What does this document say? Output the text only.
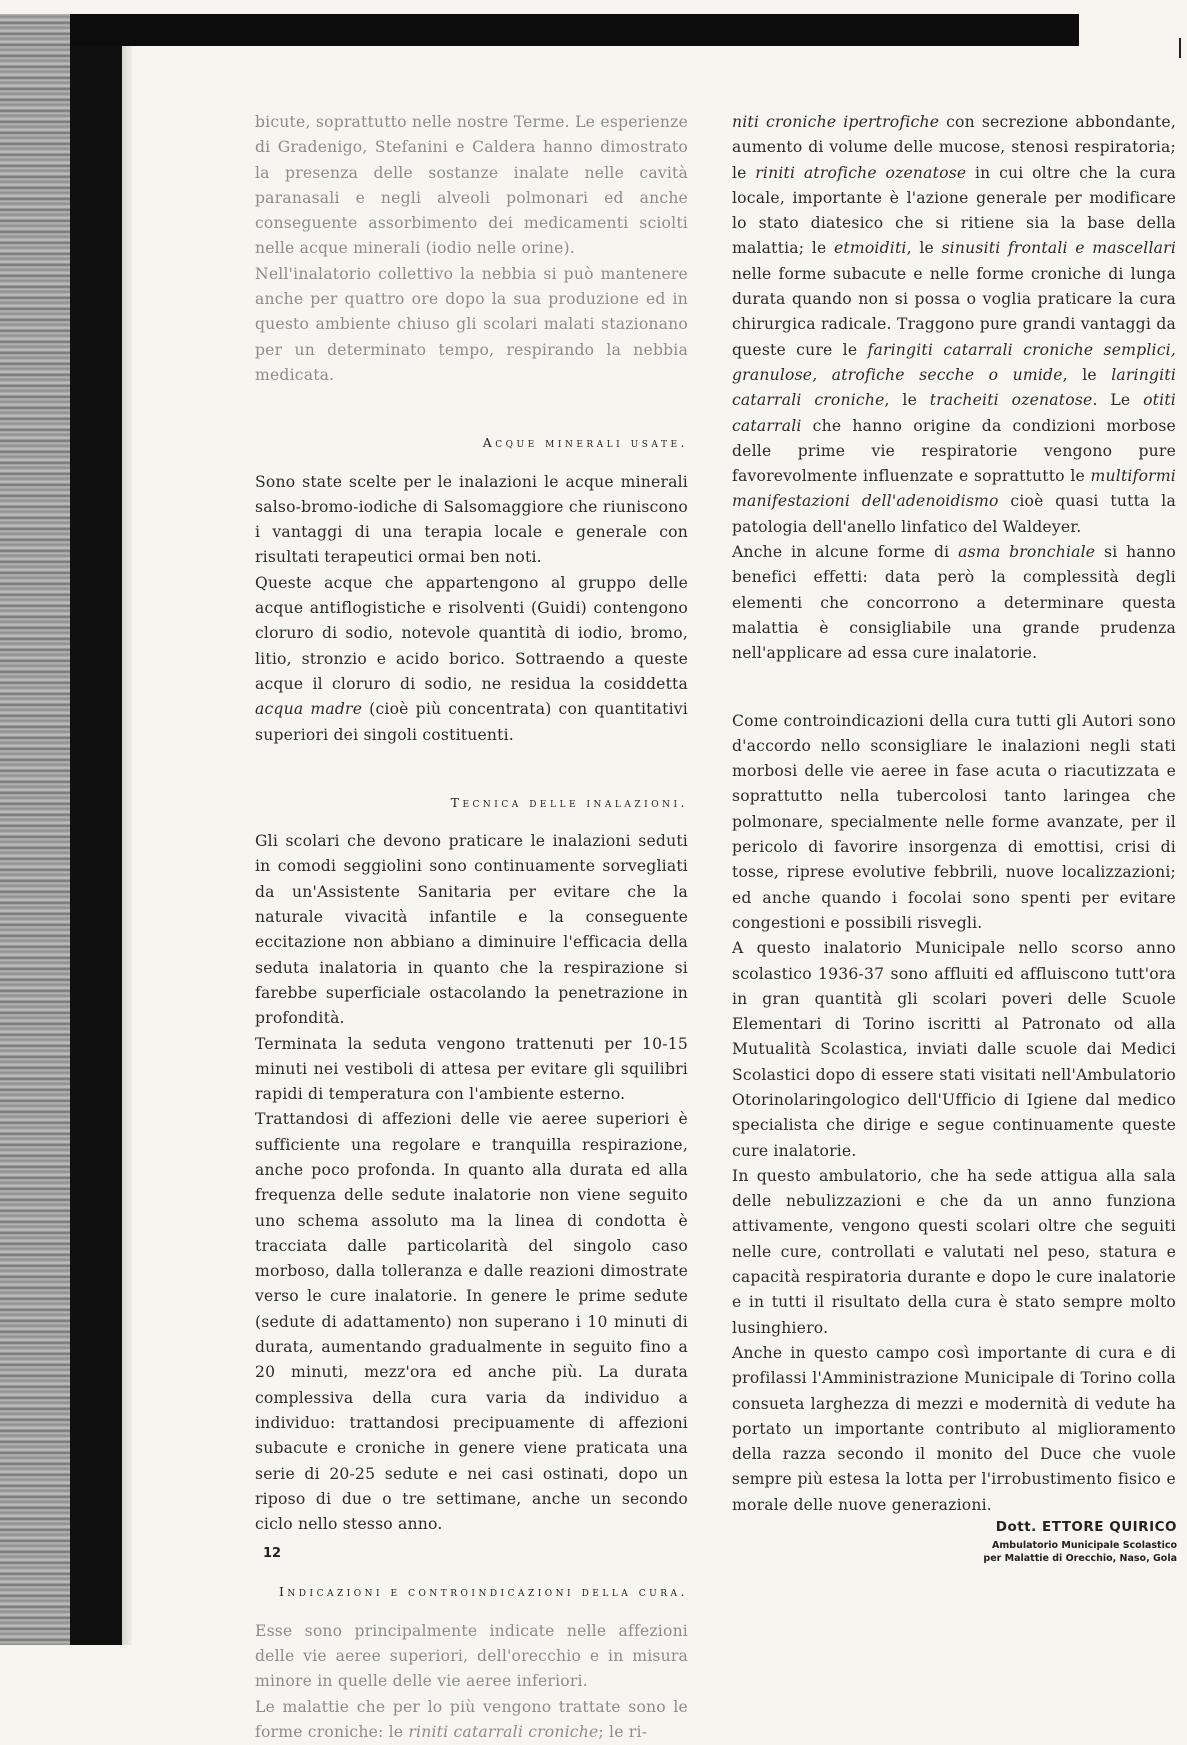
bicute, soprattutto nelle nostre Terme. Le esperienze di Gradenigo, Stefanini e Caldera hanno dimostrato la presenza delle sostanze inalate nelle cavità paranasali e negli alveoli polmonari ed anche conseguente assorbimento dei medicamenti sciolti nelle acque minerali (iodio nelle orine).

Nell'inalatorio collettivo la nebbia si può mantenere anche per quattro ore dopo la sua produzione ed in questo ambiente chiuso gli scolari malati stazionano per un determinato tempo, respirando la nebbia medicata.

Acque minerali usate.

Sono state scelte per le inalazioni le acque minerali salso-bromo-iodiche di Salsomaggiore che riuniscono i vantaggi di una terapia locale e generale con risultati terapeutici ormai ben noti.

Queste acque che appartengono al gruppo delle acque antiflogistiche e risolventi (Guidi) contengono cloruro di sodio, notevole quantità di iodio, bromo, litio, stronzio e acido borico. Sottraendo a queste acque il cloruro di sodio, ne residua la cosiddetta acqua madre (cioè più concentrata) con quantitativi superiori dei singoli costituenti.

Tecnica delle inalazioni.

Gli scolari che devono praticare le inalazioni seduti in comodi seggiolini sono continuamente sorvegliati da un'Assistente Sanitaria per evitare che la naturale vivacità infantile e la conseguente eccitazione non abbiano a diminuire l'efficacia della seduta inalatoria in quanto che la respirazione si farebbe superficiale ostacolando la penetrazione in profondità.

Terminata la seduta vengono trattenuti per 10-15 minuti nei vestiboli di attesa per evitare gli squilibri rapidi di temperatura con l'ambiente esterno.

Trattandosi di affezioni delle vie aeree superiori è sufficiente una regolare e tranquilla respirazione, anche poco profonda. In quanto alla durata ed alla frequenza delle sedute inalatorie non viene seguito uno schema assoluto ma la linea di condotta è tracciata dalle particolarità del singolo caso morboso, dalla tolleranza e dalle reazioni dimostrate verso le cure inalatorie. In genere le prime sedute (sedute di adattamento) non superano i 10 minuti di durata, aumentando gradualmente in seguito fino a 20 minuti, mezz'ora ed anche più. La durata complessiva della cura varia da individuo a individuo: trattandosi precipuamente di affezioni subacute e croniche in genere viene praticata una serie di 20-25 sedute e nei casi ostinati, dopo un riposo di due o tre settimane, anche un secondo ciclo nello stesso anno.

Indicazioni e controindicazioni della cura.

Esse sono principalmente indicate nelle affezioni delle vie aeree superiori, dell'orecchio e in misura minore in quelle delle vie aeree inferiori.

Le malattie che per lo più vengono trattate sono le forme croniche: le riniti catarrali croniche; le ri-

niti croniche ipertrofiche con secrezione abbondante, aumento di volume delle mucose, stenosi respiratoria; le riniti atrofiche ozenatose in cui oltre che la cura locale, importante è l'azione generale per modificare lo stato diatesico che si ritiene sia la base della malattia; le etmoiditi, le sinusiti frontali e mascellari nelle forme subacute e nelle forme croniche di lunga durata quando non si possa o voglia praticare la cura chirurgica radicale. Traggono pure grandi vantaggi da queste cure le faringiti catarrali croniche semplici, granulose, atrofiche secche o umide, le laringiti catarrali croniche, le tracheiti ozenatose. Le otiti catarrali che hanno origine da condizioni morbose delle prime vie respiratorie vengono pure favorevolmente influenzate e soprattutto le multiformi manifestazioni dell'adenoidismo cioè quasi tutta la patologia dell'anello linfatico del Waldeyer.

Anche in alcune forme di asma bronchiale si hanno benefici effetti: data però la complessità degli elementi che concorrono a determinare questa malattia è consigliabile una grande prudenza nell'applicare ad essa cure inalatorie.

Come controindicazioni della cura tutti gli Autori sono d'accordo nello sconsigliare le inalazioni negli stati morbosi delle vie aeree in fase acuta o riacutizzata e soprattutto nella tubercolosi tanto laringea che polmonare, specialmente nelle forme avanzate, per il pericolo di favorire insorgenza di emottisi, crisi di tosse, riprese evolutive febbrili, nuove localizzazioni; ed anche quando i focolai sono spenti per evitare congestioni e possibili risvegli.

A questo inalatorio Municipale nello scorso anno scolastico 1936-37 sono affluiti ed affluiscono tutt'ora in gran quantità gli scolari poveri delle Scuole Elementari di Torino iscritti al Patronato od alla Mutualità Scolastica, inviati dalle scuole dai Medici Scolastici dopo di essere stati visitati nell'Ambulatorio Otorinolaringologico dell'Ufficio di Igiene dal medico specialista che dirige e segue continuamente queste cure inalatorie.

In questo ambulatorio, che ha sede attigua alla sala delle nebulizzazioni e che da un anno funziona attivamente, vengono questi scolari oltre che seguiti nelle cure, controllati e valutati nel peso, statura e capacità respiratoria durante e dopo le cure inalatorie e in tutti il risultato della cura è stato sempre molto lusinghiero.

Anche in questo campo così importante di cura e di profilassi l'Amministrazione Municipale di Torino colla consueta larghezza di mezzi e modernità di vedute ha portato un importante contributo al miglioramento della razza secondo il monito del Duce che vuole sempre più estesa la lotta per l'irrobustimento fisico e morale delle nuove generazioni.

12
Dott. ETTORE QUIRICO
Ambulatorio Municipale Scolastico
per Malattie di Orecchio, Naso, Gola
